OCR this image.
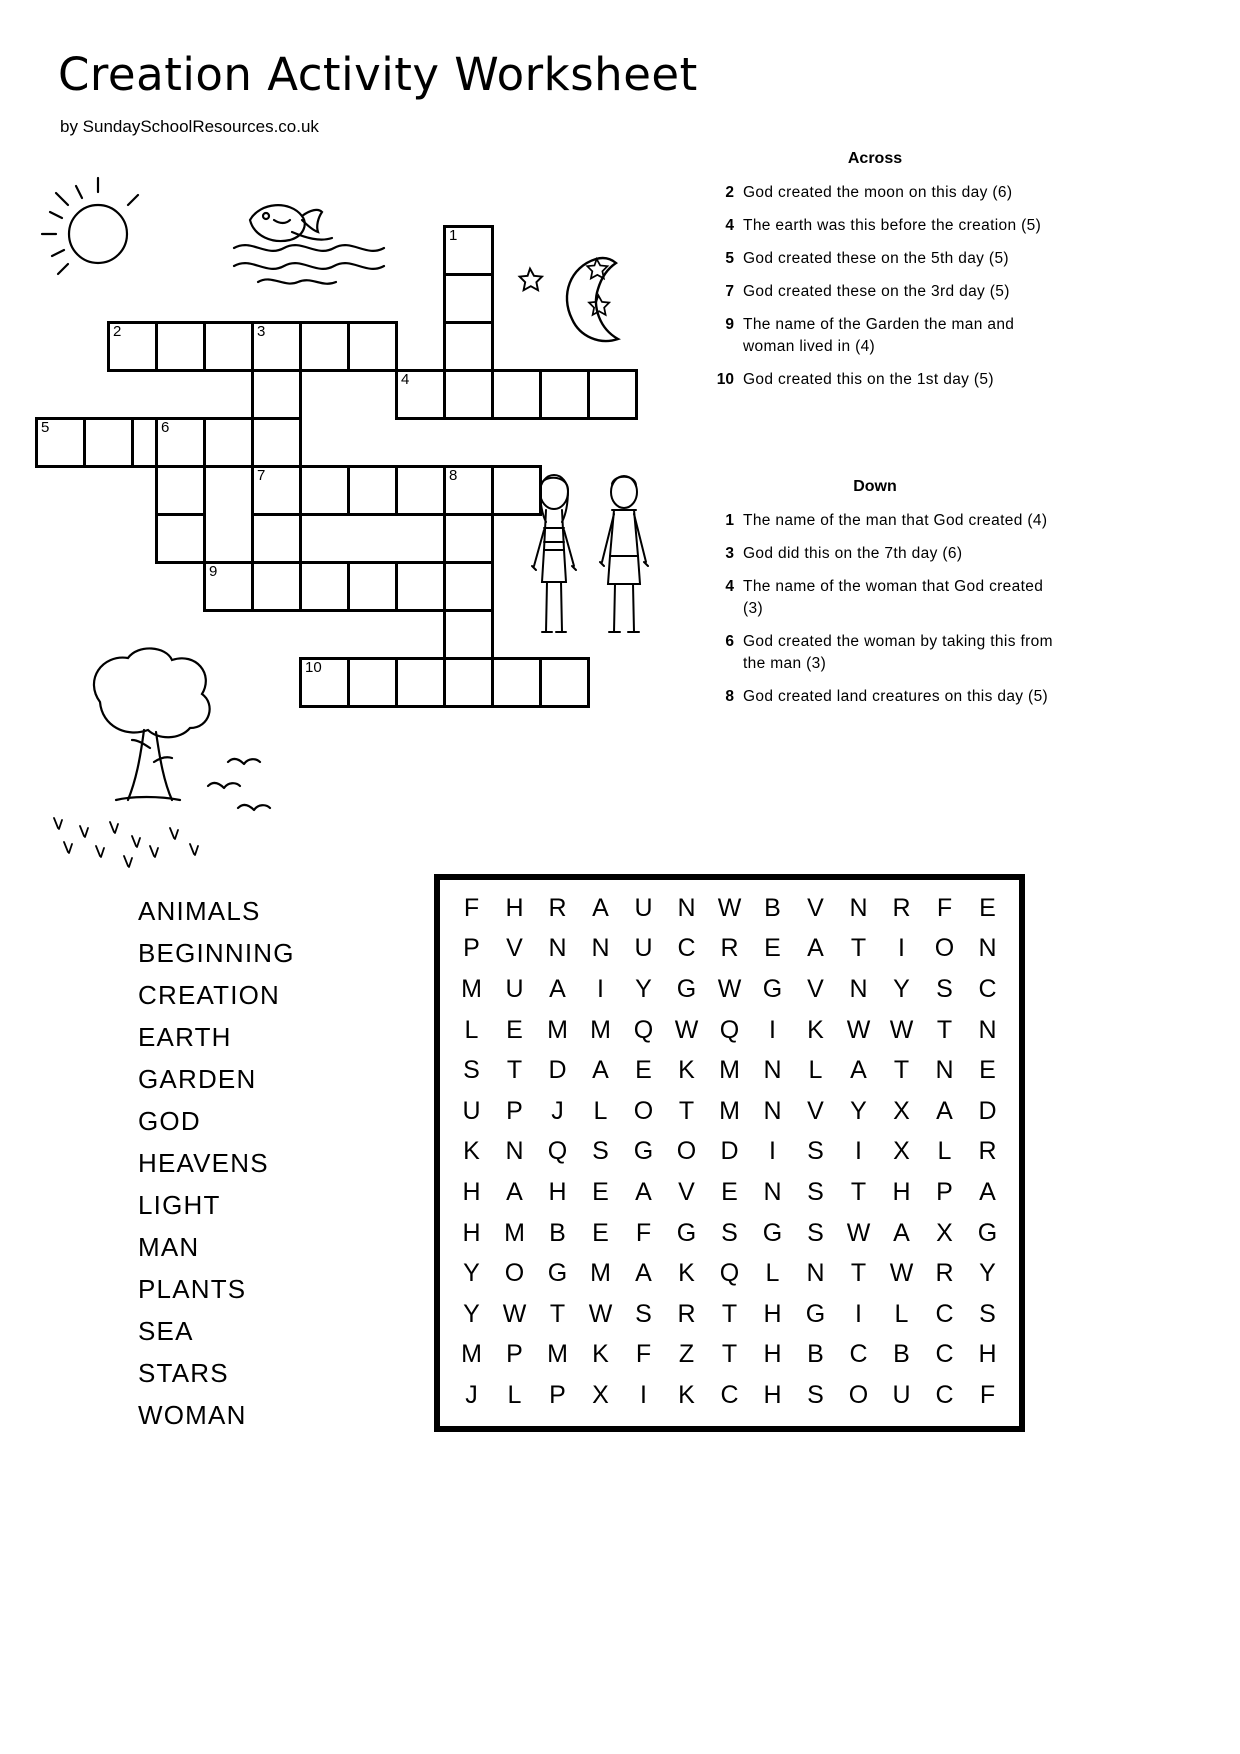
Creation Activity Worksheet
by SundaySchoolResources.co.uk
1
2	3
4
5	6
7	8
9
10
Across
2 God created the moon on this day (6)
4 The earth was this before the creation (5)
5 God created these on the 5th day (5)
7 God created these on the 3rd day (5)
9 The name of the Garden the man and woman lived in (4)
10 God created this on the 1st day (5)
Down
1 The name of the man that God created (4)
3 God did this on the 7th day (6)
4 The name of the woman that God created (3)
6 God created the woman by taking this from the man (3)
8 God created land creatures on this day (5)
ANIMALS
BEGINNING
CREATION
EARTH
GARDEN
GOD
HEAVENS
LIGHT
MAN
PLANTS
SEA
STARS
WOMAN
F	H	R	A	U	N	W	B	V	N	R	F	E
P	V	N	N	U	C	R	E	A	T	I	O	N
M	U	A	I	Y	G	W	G	V	N	Y	S	C
L	E	M	M	Q	W	Q	I	K	W	W	T	N
S	T	D	A	E	K	M	N	L	A	T	N	E
U	P	J	L	O	T	M	N	V	Y	X	A	D
K	N	Q	S	G	O	D	I	S	I	X	L	R
H	A	H	E	A	V	E	N	S	T	H	P	A
H	M	B	E	F	G	S	G	S	W	A	X	G
Y	O	G	M	A	K	Q	L	N	T	W	R	Y
Y	W	T	W	S	R	T	H	G	I	L	C	S
M	P	M	K	F	Z	T	H	B	C	B	C	H
J	L	P	X	I	K	C	H	S	O	U	C	F
